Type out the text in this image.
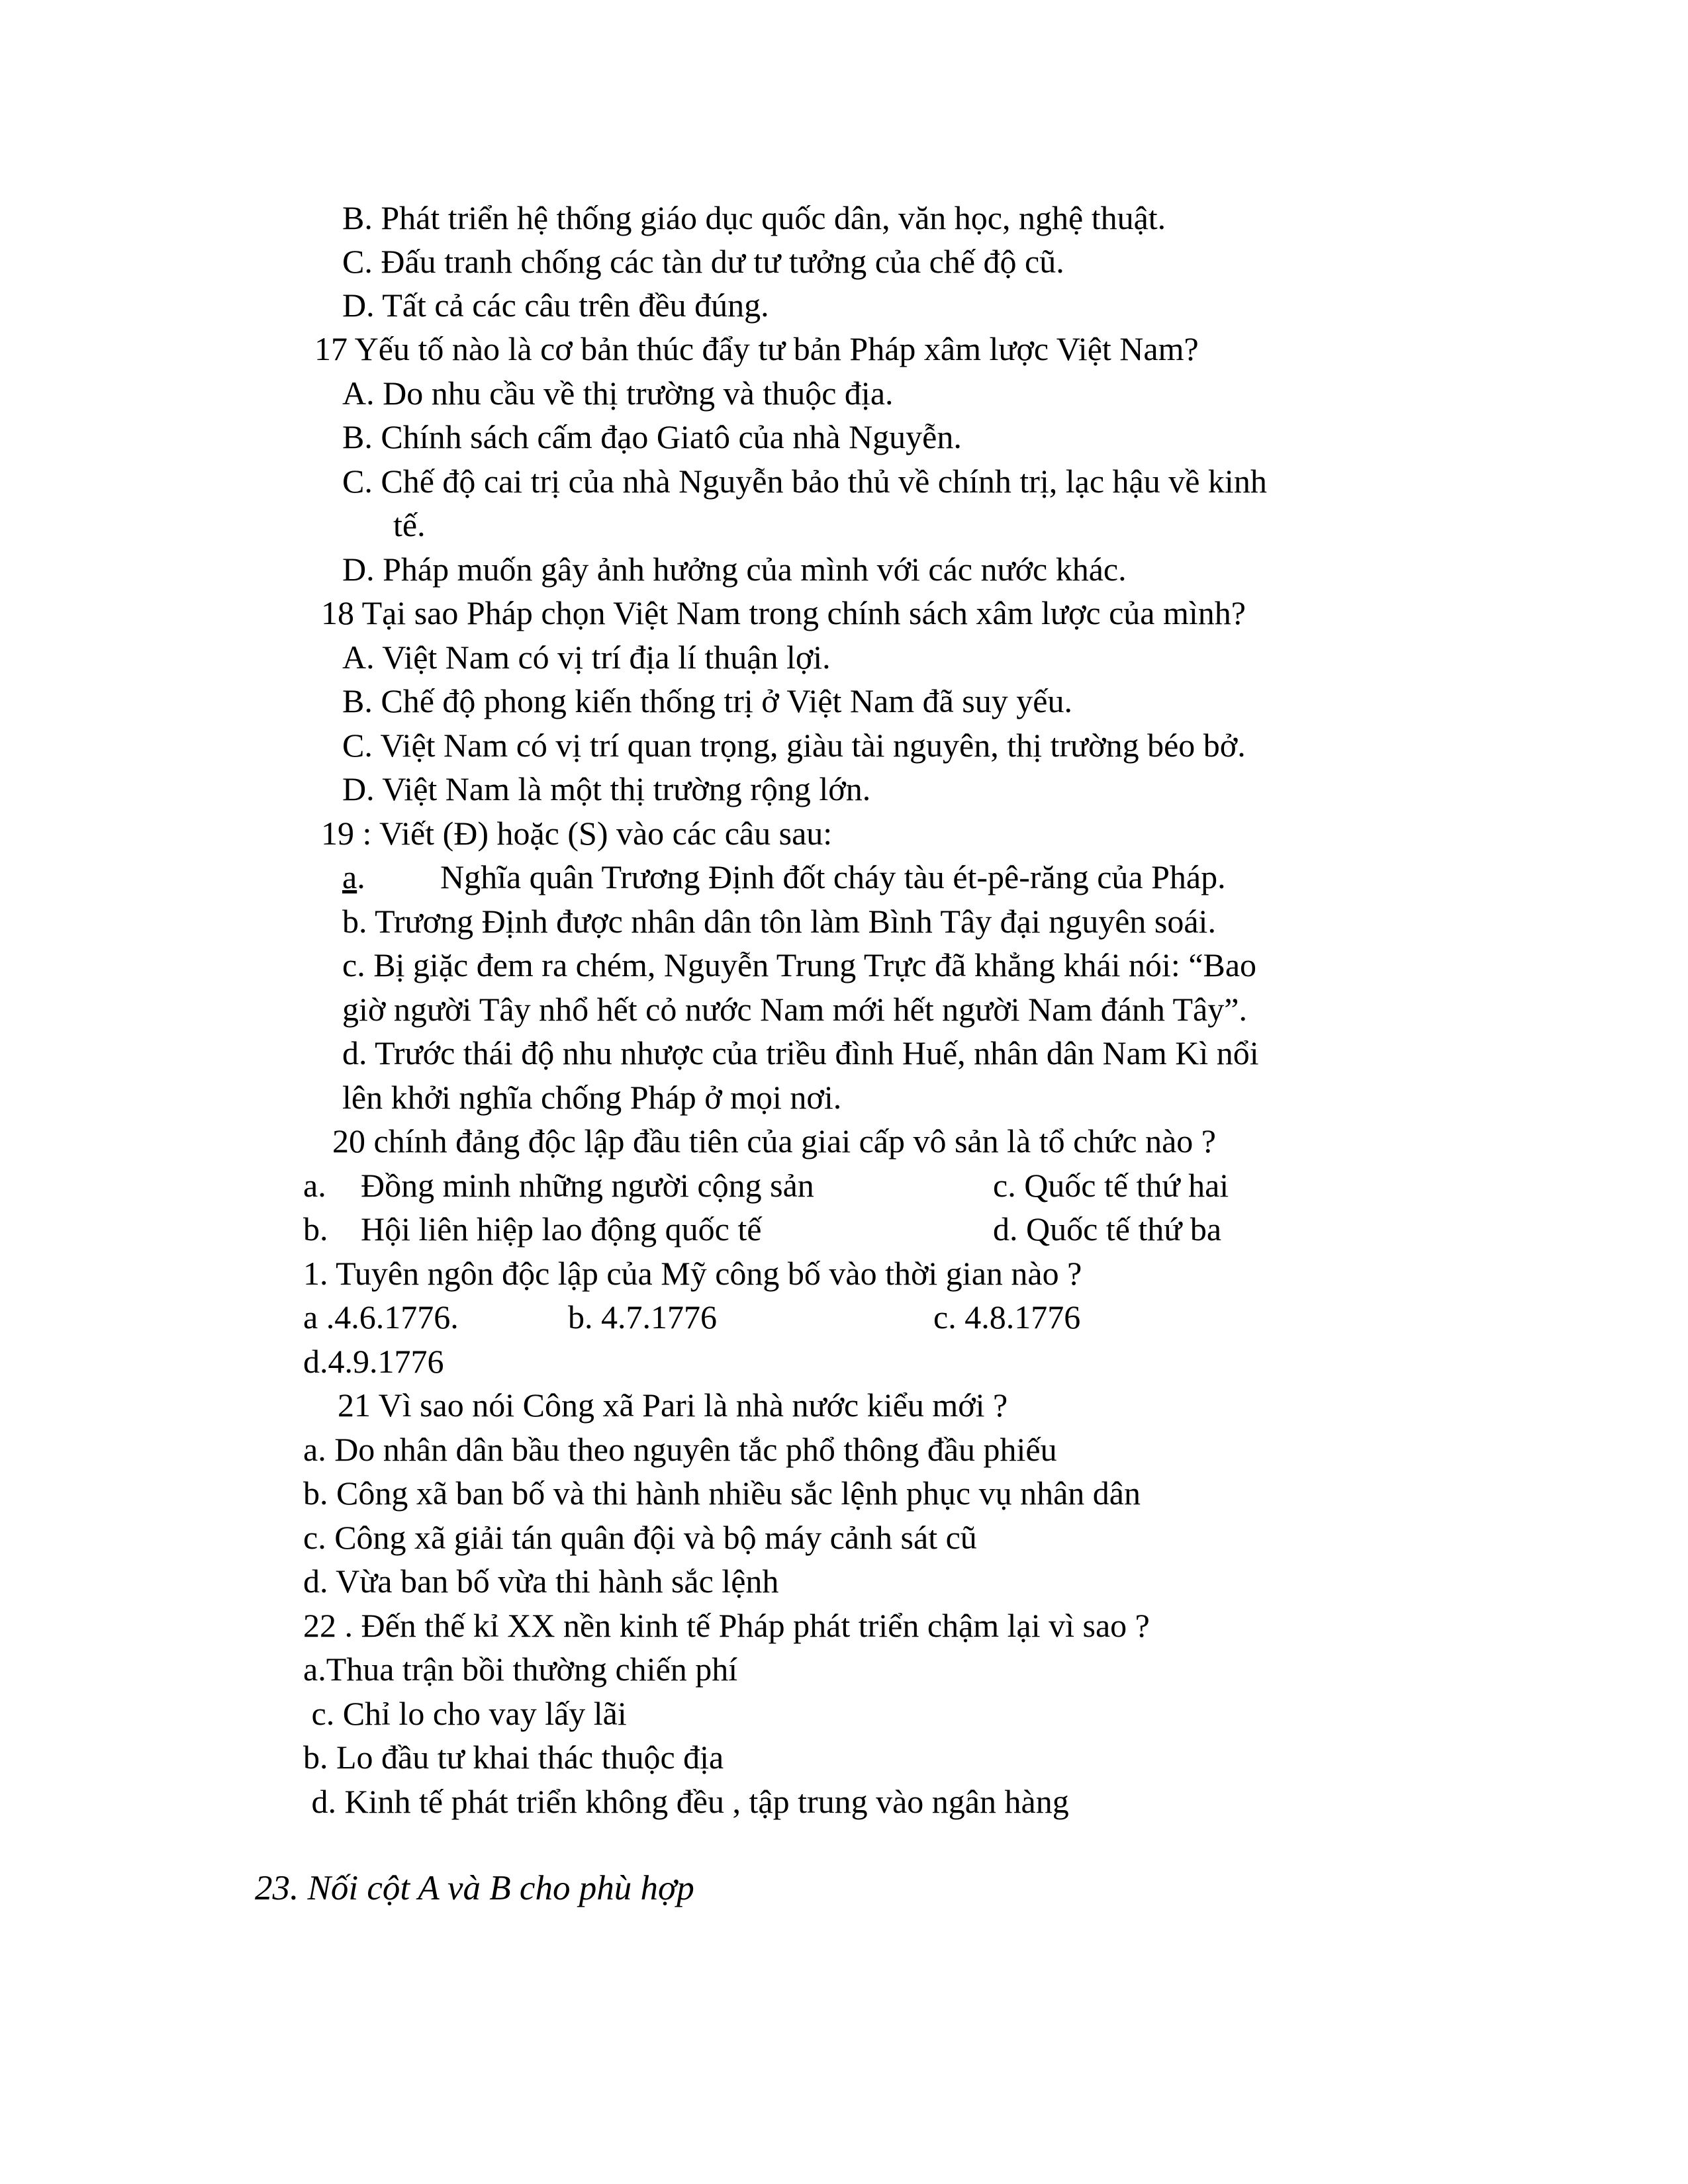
B. Phát triển hệ thống giáo dục quốc dân, văn học, nghệ thuật.

C. Đấu tranh chống các tàn dư tư tưởng của chế độ cũ.

D. Tất cả các câu trên đều đúng.

17 Yếu tố nào là cơ bản thúc đẩy tư bản Pháp xâm lược Việt Nam?

A. Do nhu cầu về thị trường và thuộc địa.

B. Chính sách cấm đạo Giatô của nhà Nguyễn.

C. Chế độ cai trị của nhà Nguyễn bảo thủ về chính trị, lạc hậu về kinh

tế.

D. Pháp muốn gây ảnh hưởng của mình với các nước khác.

18 Tại sao Pháp chọn Việt Nam trong chính sách xâm lược của mình?

A. Việt Nam có vị trí địa lí thuận lợi.

B. Chế độ phong kiến thống trị ở Việt Nam đã suy yếu.

C. Việt Nam có vị trí quan trọng, giàu tài nguyên, thị trường béo bở.

D. Việt Nam là một thị trường rộng lớn.

19 : Viết (Đ) hoặc (S) vào các câu sau:

a. Nghĩa quân Trương Định đốt cháy tàu ét-pê-răng của Pháp.

b. Trương Định được nhân dân tôn làm Bình Tây đại nguyên soái.

c. Bị giặc đem ra chém, Nguyễn Trung Trực đã khẳng khái nói: “Bao

giờ người Tây nhổ hết cỏ nước Nam mới hết người Nam đánh Tây”.

d. Trước thái độ nhu nhược của triều đình Huế, nhân dân Nam Kì nổi

lên khởi nghĩa chống Pháp ở mọi nơi.

20 chính đảng độc lập đầu tiên của giai cấp vô sản là tổ chức nào ?

a. Đồng minh những người cộng sản	c. Quốc tế thứ hai

b. Hội liên hiệp lao động quốc tế	d. Quốc tế thứ ba

1. Tuyên ngôn độc lập của Mỹ công bố vào thời gian nào ?

a .4.6.1776.	b. 4.7.1776	c. 4.8.1776

d.4.9.1776

21 Vì sao nói Công xã Pari là nhà nước kiểu mới ?

a. Do nhân dân bầu theo nguyên tắc phổ thông đầu phiếu

b. Công xã ban bố và thi hành nhiều sắc lệnh phục vụ nhân dân

c. Công xã giải tán quân đội và bộ máy cảnh sát cũ

d. Vừa ban bố vừa thi hành sắc lệnh

22 . Đến thế kỉ XX nền kinh tế Pháp phát triển chậm lại vì sao ?

a.Thua trận bồi thường chiến phí

c. Chỉ lo cho vay lấy lãi

b. Lo đầu tư khai thác thuộc địa

d. Kinh tế phát triển không đều , tập trung vào ngân hàng

23. Nối cột A và B cho phù hợp
